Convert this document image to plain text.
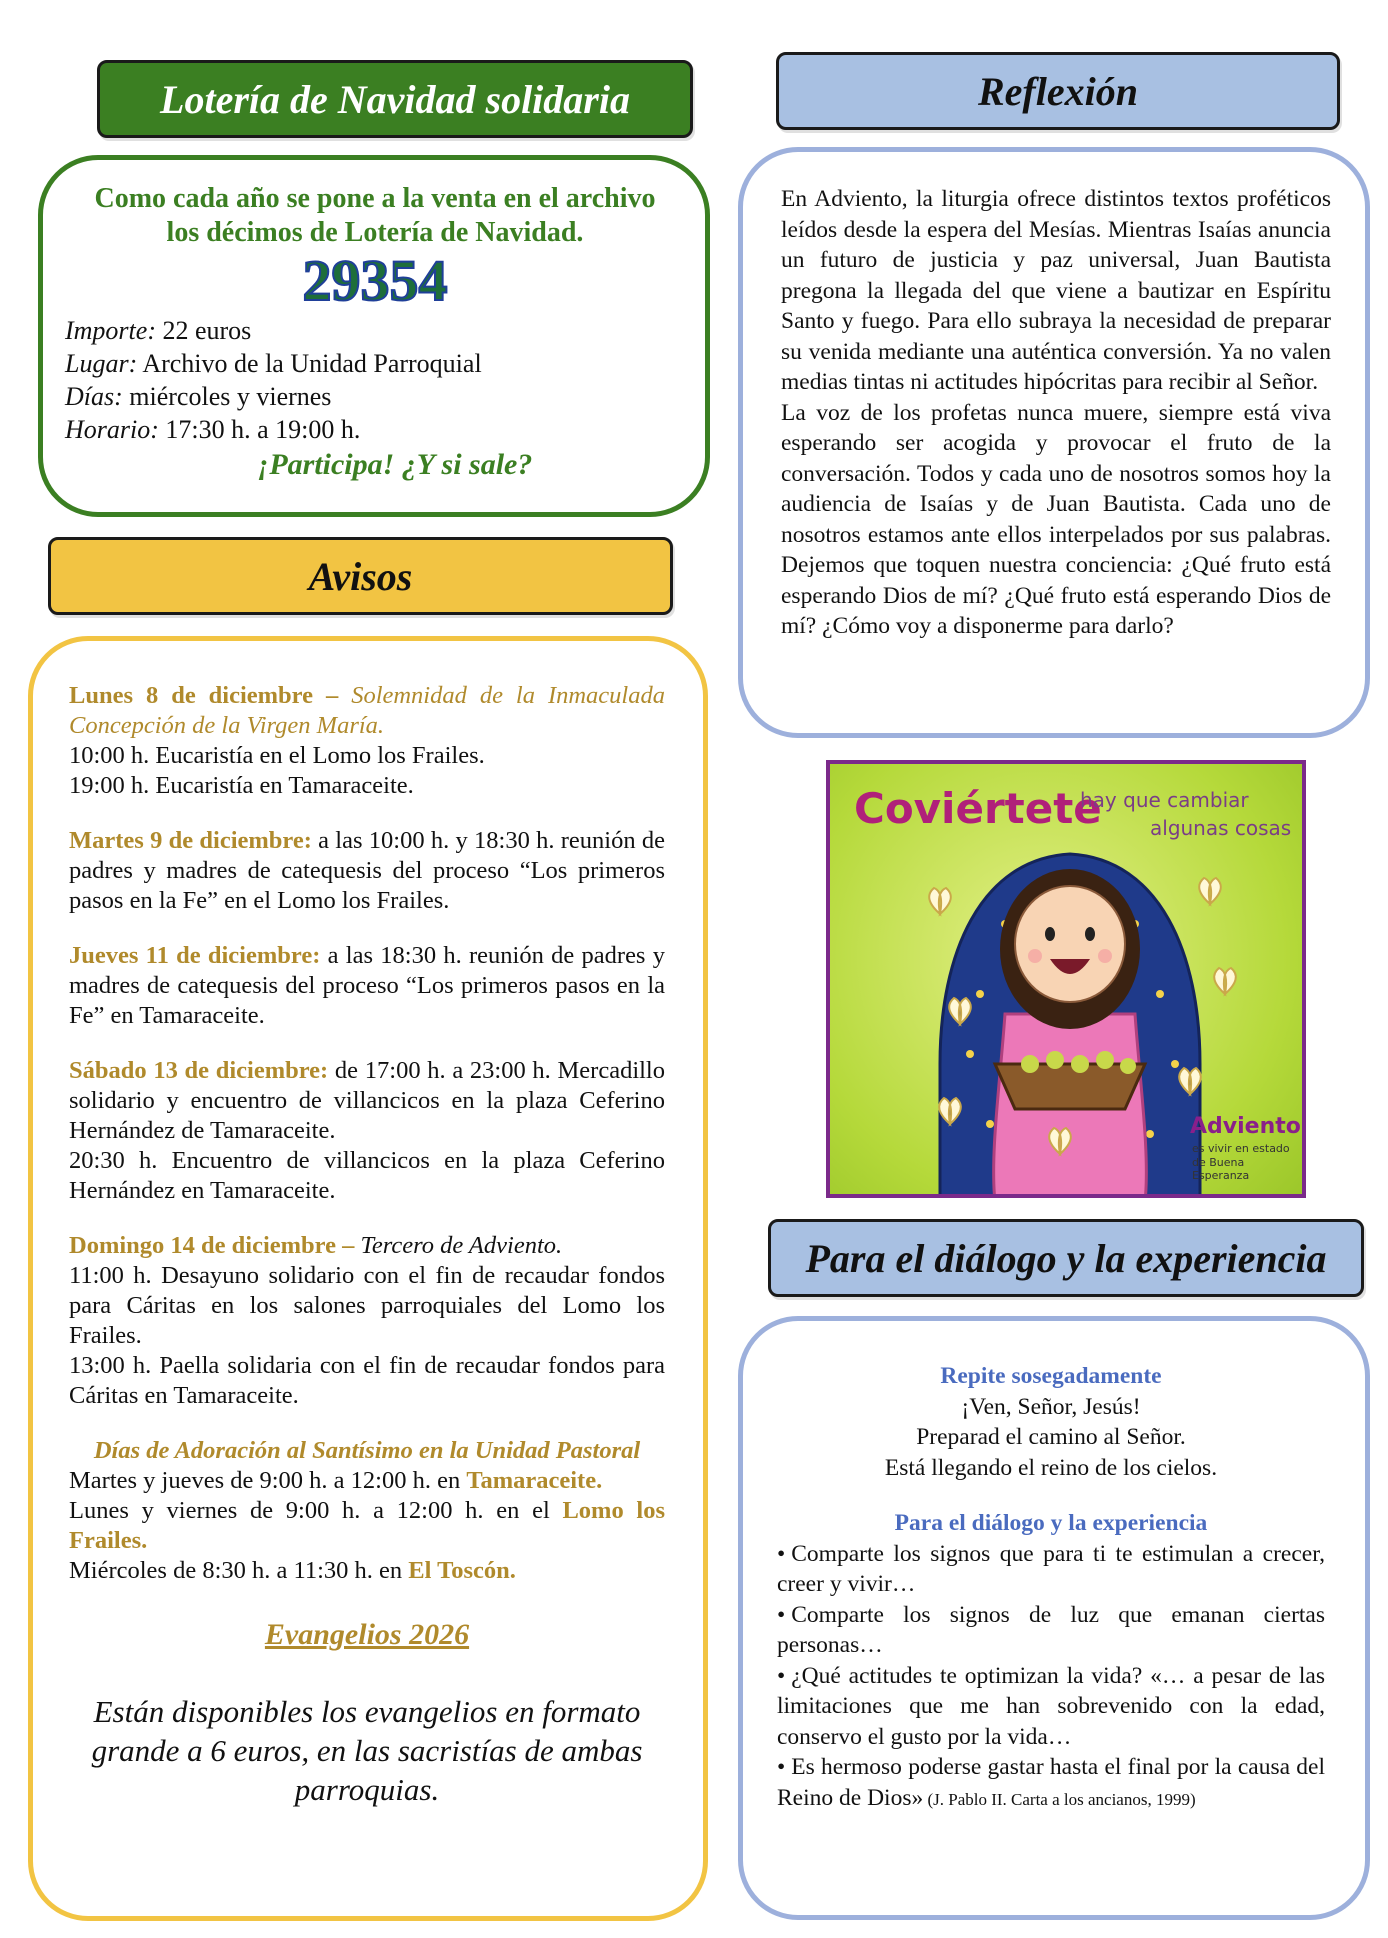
Lotería de Navidad solidaria
Como cada año se pone a la venta en el archivo los décimos de Lotería de Navidad.
29354
Importe: 22 euros
Lugar: Archivo de la Unidad Parroquial
Días: miércoles y viernes
Horario: 17:30 h. a 19:00 h.
¡Participa! ¿Y si sale?
Avisos
Lunes 8 de diciembre – Solemnidad de la Inmaculada Concepción de la Virgen María.
10:00 h. Eucaristía en el Lomo los Frailes.
19:00 h. Eucaristía en Tamaraceite.
Martes 9 de diciembre: a las 10:00 h. y 18:30 h. reunión de padres y madres de catequesis del proceso “Los primeros pasos en la Fe” en el Lomo los Frailes.
Jueves 11 de diciembre: a las 18:30 h. reunión de padres y madres de catequesis del proceso “Los primeros pasos en la Fe” en Tamaraceite.
Sábado 13 de diciembre: de 17:00 h. a 23:00 h. Mercadillo solidario y encuentro de villancicos en la plaza Ceferino Hernández de Tamaraceite.
20:30 h. Encuentro de villancicos en la plaza Ceferino Hernández en Tamaraceite.
Domingo 14 de diciembre – Tercero de Adviento.
11:00 h. Desayuno solidario con el fin de recaudar fondos para Cáritas en los salones parroquiales del Lomo los Frailes.
13:00 h. Paella solidaria con el fin de recaudar fondos para Cáritas en Tamaraceite.
Días de Adoración al Santísimo en la Unidad Pastoral
Martes y jueves de 9:00 h. a 12:00 h. en Tamaraceite.
Lunes y viernes de 9:00 h. a 12:00 h. en el Lomo los Frailes.
Miércoles de 8:30 h. a 11:30 h. en El Toscón.
Evangelios 2026
Están disponibles los evangelios en formato grande a 6 euros, en las sacristías de ambas parroquias.
Reflexión

En Adviento, la liturgia ofrece distintos textos proféticos leídos desde la espera del Mesías. Mientras Isaías anuncia un futuro de justicia y paz universal, Juan Bautista pregona la llegada del que viene a bautizar en Espíritu Santo y fuego. Para ello subraya la necesidad de preparar su venida mediante una auténtica conversión. Ya no valen medias tintas ni actitudes hipócritas para recibir al Señor.

La voz de los profetas nunca muere, siempre está viva esperando ser acogida y provocar el fruto de la conversación. Todos y cada uno de nosotros somos hoy la audiencia de Isaías y de Juan Bautista. Cada uno de nosotros estamos ante ellos interpelados por sus palabras. Dejemos que toquen nuestra conciencia: ¿Qué fruto está esperando Dios de mí? ¿Qué fruto está esperando Dios de mí? ¿Cómo voy a disponerme para darlo?

Coviértete
hay que cambiar
algunas cosas
Adviento
es vivir en estado
de Buena Esperanza
Para el diálogo y la experiencia
Repite sosegadamente
¡Ven, Señor, Jesús!
Preparad el camino al Señor.
Está llegando el reino de los cielos.
Para el diálogo y la experiencia
• Comparte los signos que para ti te estimulan a crecer, creer y vivir…
• Comparte los signos de luz que emanan ciertas personas…
• ¿Qué actitudes te optimizan la vida? «… a pesar de las limitaciones que me han sobrevenido con la edad, conservo el gusto por la vida…
• Es hermoso poderse gastar hasta el final por la causa del Reino de Dios» (J. Pablo II. Carta a los ancianos, 1999)
